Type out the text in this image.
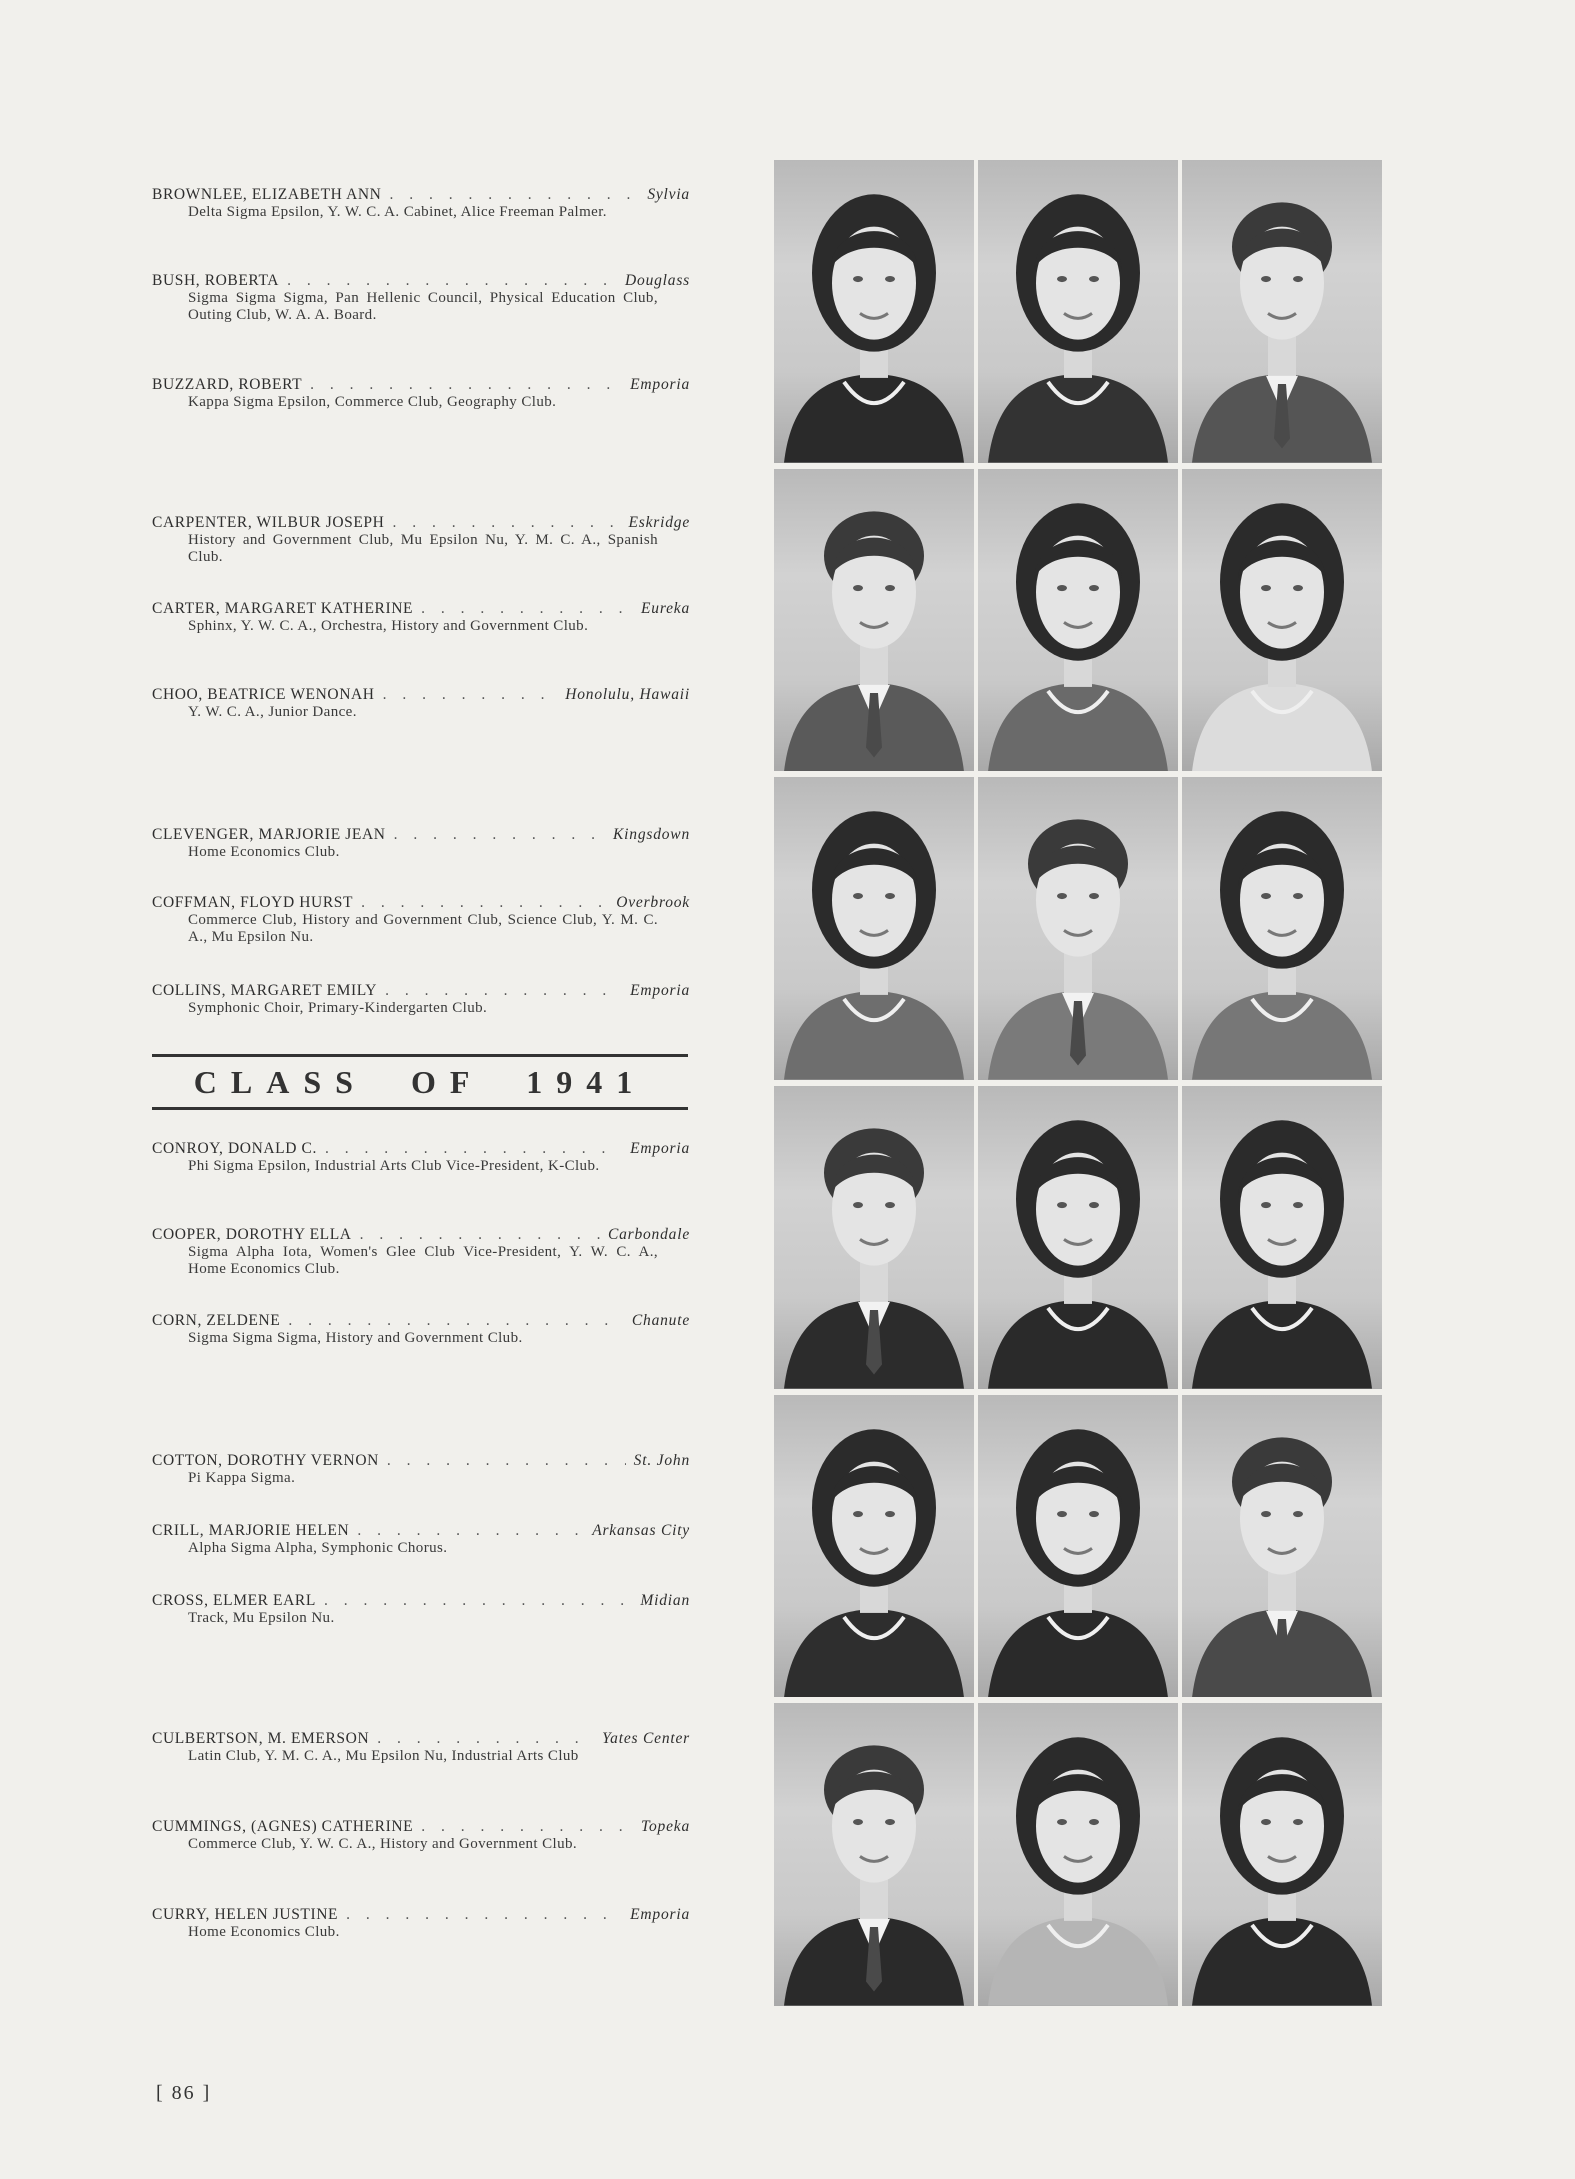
BROWNLEE, ELIZABETH ANN . . .	Sylvia
Delta Sigma Epsilon, Y. W. C. A. Cabinet, Alice Freeman Palmer.
BUSH, ROBERTA . . .	Douglass
Sigma Sigma Sigma, Pan Hellenic Council, Physical Education Club, Outing Club, W. A. A. Board.
BUZZARD, ROBERT . . .	Emporia
Kappa Sigma Epsilon, Commerce Club, Geography Club.
CARPENTER, WILBUR JOSEPH . . .	Eskridge
History and Government Club, Mu Epsilon Nu, Y. M. C. A., Spanish Club.
CARTER, MARGARET KATHERINE . . .	Eureka
Sphinx, Y. W. C. A., Orchestra, History and Government Club.
CHOO, BEATRICE WENONAH . . .	Honolulu, Hawaii
Y. W. C. A., Junior Dance.
CLEVENGER, MARJORIE JEAN . . .	Kingsdown
Home Economics Club.
COFFMAN, FLOYD HURST . . .	Overbrook
Commerce Club, History and Government Club, Science Club, Y. M. C. A., Mu Epsilon Nu.
COLLINS, MARGARET EMILY . . .	Emporia
Symphonic Choir, Primary-Kindergarten Club.
CONROY, DONALD C. . . .	Emporia
Phi Sigma Epsilon, Industrial Arts Club Vice-President, K-Club.
COOPER, DOROTHY ELLA . . .	Carbondale
Sigma Alpha Iota, Women's Glee Club Vice-President, Y. W. C. A., Home Economics Club.
CORN, ZELDENE . . .	Chanute
Sigma Sigma Sigma, History and Government Club.
COTTON, DOROTHY VERNON . . .	St. John
Pi Kappa Sigma.
CRILL, MARJORIE HELEN . . .	Arkansas City
Alpha Sigma Alpha, Symphonic Chorus.
CROSS, ELMER EARL . . .	Midian
Track, Mu Epsilon Nu.
CULBERTSON, M. EMERSON . . .	Yates Center
Latin Club, Y. M. C. A., Mu Epsilon Nu, Industrial Arts Club
CUMMINGS, (AGNES) CATHERINE . . .	Topeka
Commerce Club, Y. W. C. A., History and Government Club.
CURRY, HELEN JUSTINE . . .	Emporia
Home Economics Club.
CLASS  OF  1941
[ 86 ]
